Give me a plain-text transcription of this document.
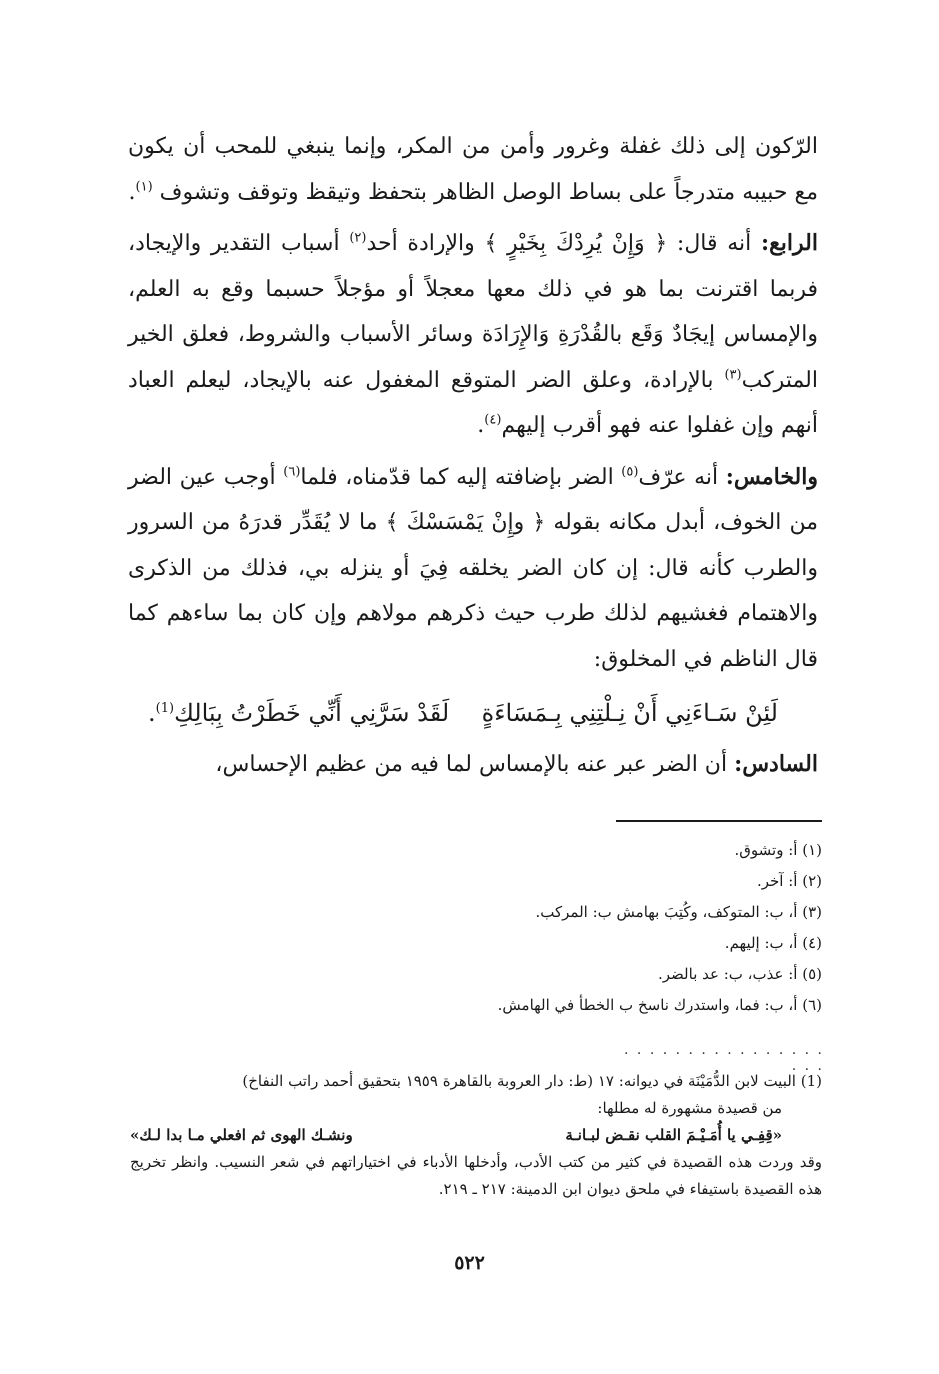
الرّكون إلى ذلك غفلة وغرور وأمن من المكر، وإنما ينبغي للمحب أن يكون مع حبيبه متدرجاً على بساط الوصل الظاهر بتحفظ وتيقظ وتوقف وتشوف $^{(١)}$.

الرابع: أنه قال: ﴿ وَإِنْ يُرِدْكَ بِخَيْرٍ ﴾ والإرادة أحد$^{(٢)}$ أسباب التقدير والإيجاد، فربما اقترنت بما هو في ذلك معها معجلاً أو مؤجلاً حسبما وقع به العلم، والإمساس إيجَادٌ وَقَع بالقُدْرَةِ وَالإِرَادَة وسائر الأسباب والشروط، فعلق الخير المتركب$^{(٣)}$ بالإرادة، وعلق الضر المتوقع المغفول عنه بالإيجاد، ليعلم العباد أنهم وإن غفلوا عنه فهو أقرب إليهم$^{(٤)}$.

والخامس: أنه عرّف$^{(٥)}$ الضر بإضافته إليه كما قدّمناه، فلما$^{(٦)}$ أوجب عين الضر من الخوف، أبدل مكانه بقوله ﴿ وإِنْ يَمْسَسْكَ ﴾ ما لا يُقَدِّر قدرَهُ من السرور والطرب كأنه قال: إن كان الضر يخلقه فِيَ أو ينزله بي، فذلك من الذكرى والاهتمام فغشيهم لذلك طرب حيث ذكرهم مولاهم وإن كان بما ساءهم كما قال الناظم في المخلوق:

لَئِنْ سَـاءَنِي أَنْ نِـلْتِنِي بِـمَسَاءَةٍ
لَقَدْ سَرَّنِي أَنِّي خَطَرْتُ بِبَالِكِ$^{(1)}$.

السادس: أن الضر عبر عنه بالإمساس لما فيه من عظيم الإحساس،

(١) أ: وتشوق.
(٢) أ: آخر.
(٣) أ، ب: المتوكف، وكُتِبَ بهامش ب: المركب.
(٤) أ، ب: إليهم.
(٥) أ: عذب، ب: عد بالضر.
(٦) أ، ب: فما، واستدرك ناسخ ب الخطأ في الهامش.
. . . . . . . . . . . . . . . . . . .

(1) البيت لابن الدُّمَيْنَة في ديوانه: ١٧ (ط: دار العروبة بالقاهرة ١٩٥٩ بتحقيق أحمد راتب النفاخ)

من قصيدة مشهورة له مطلها:

«قِفِـي يا أُمَـيْـمَ القلب نقـض لبـانـة
ونشـك الهوى ثم افعلي مـا بدا لـك»

وقد وردت هذه القصيدة في كثير من كتب الأدب، وأدخلها الأدباء في اختياراتهم في شعر النسيب. وانظر تخريج هذه القصيدة باستيفاء في ملحق ديوان ابن الدمينة: ٢١٧ ـ ٢١٩.

٥٢٢
